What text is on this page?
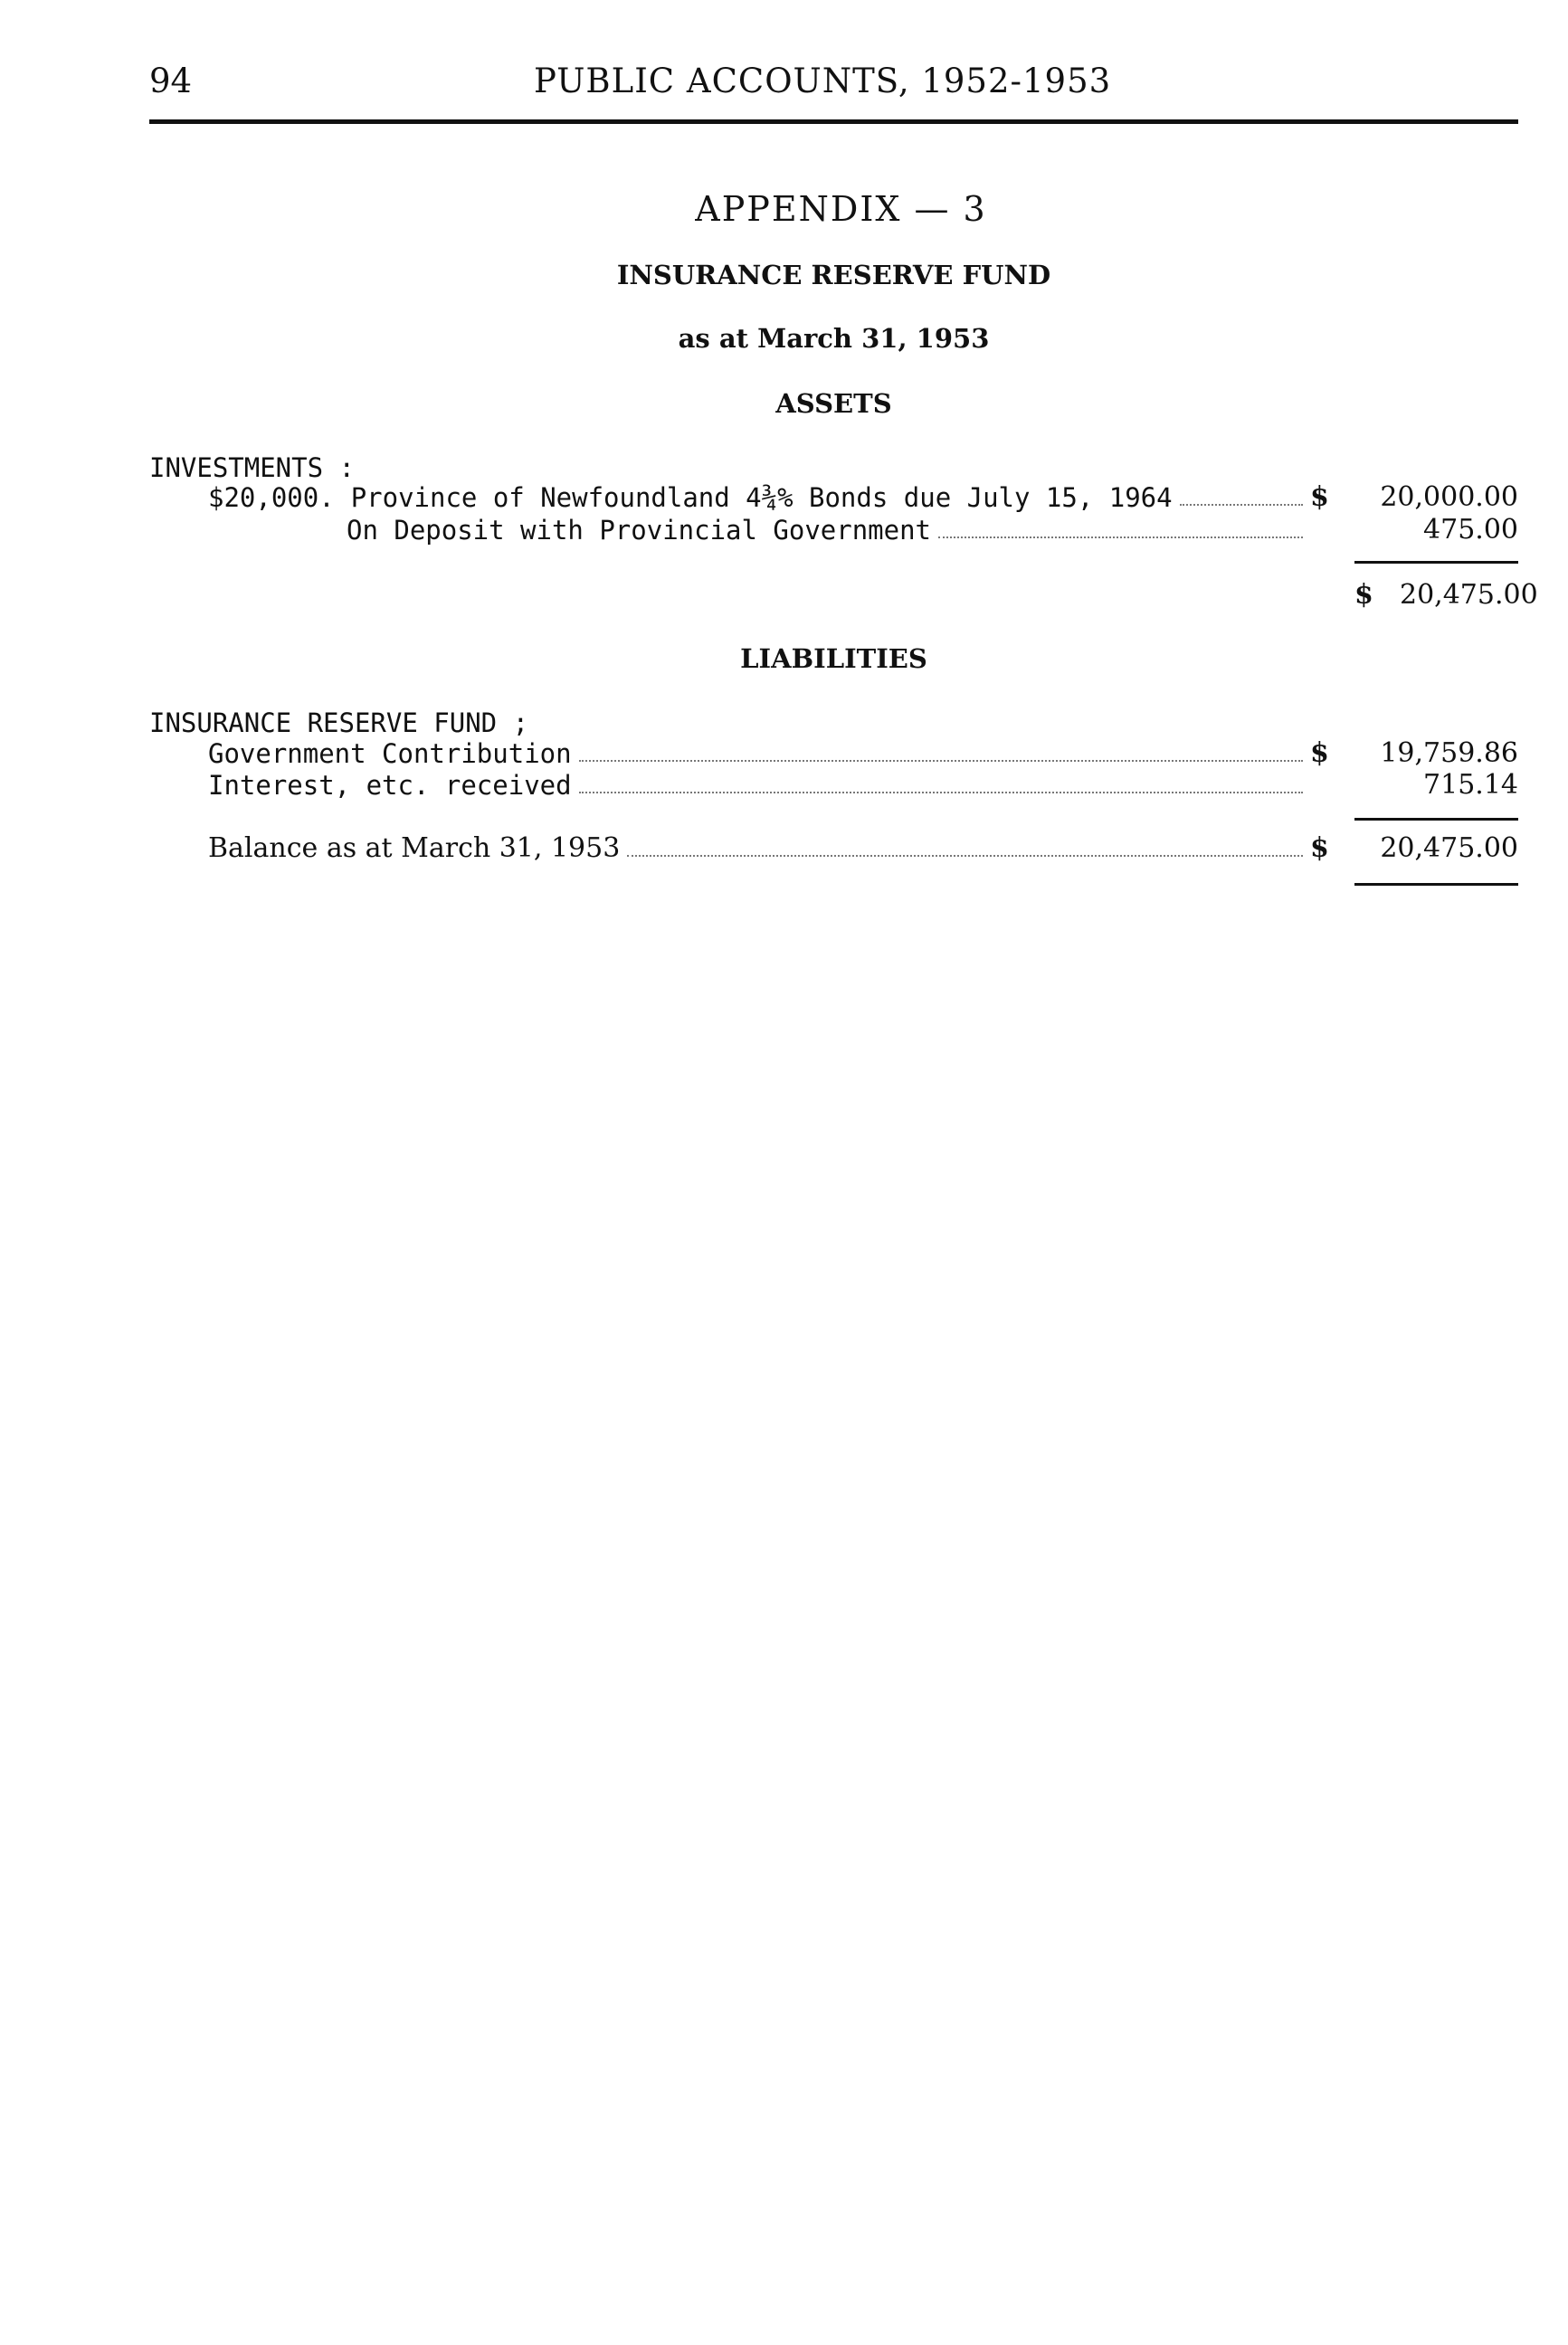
94	PUBLIC ACCOUNTS, 1952-1953
APPENDIX — 3
INSURANCE RESERVE FUND
as at March 31, 1953
ASSETS
INVESTMENTS :
$20,000. Province of Newfoundland 4¾% Bonds due July 15, 1964	$	20,000.00
On Deposit with Provincial Government	475.00
$ 20,475.00
LIABILITIES
INSURANCE RESERVE FUND ;
Government Contribution	$	19,759.86
Interest, etc. received	715.14
Balance as at March 31, 1953	$	20,475.00
